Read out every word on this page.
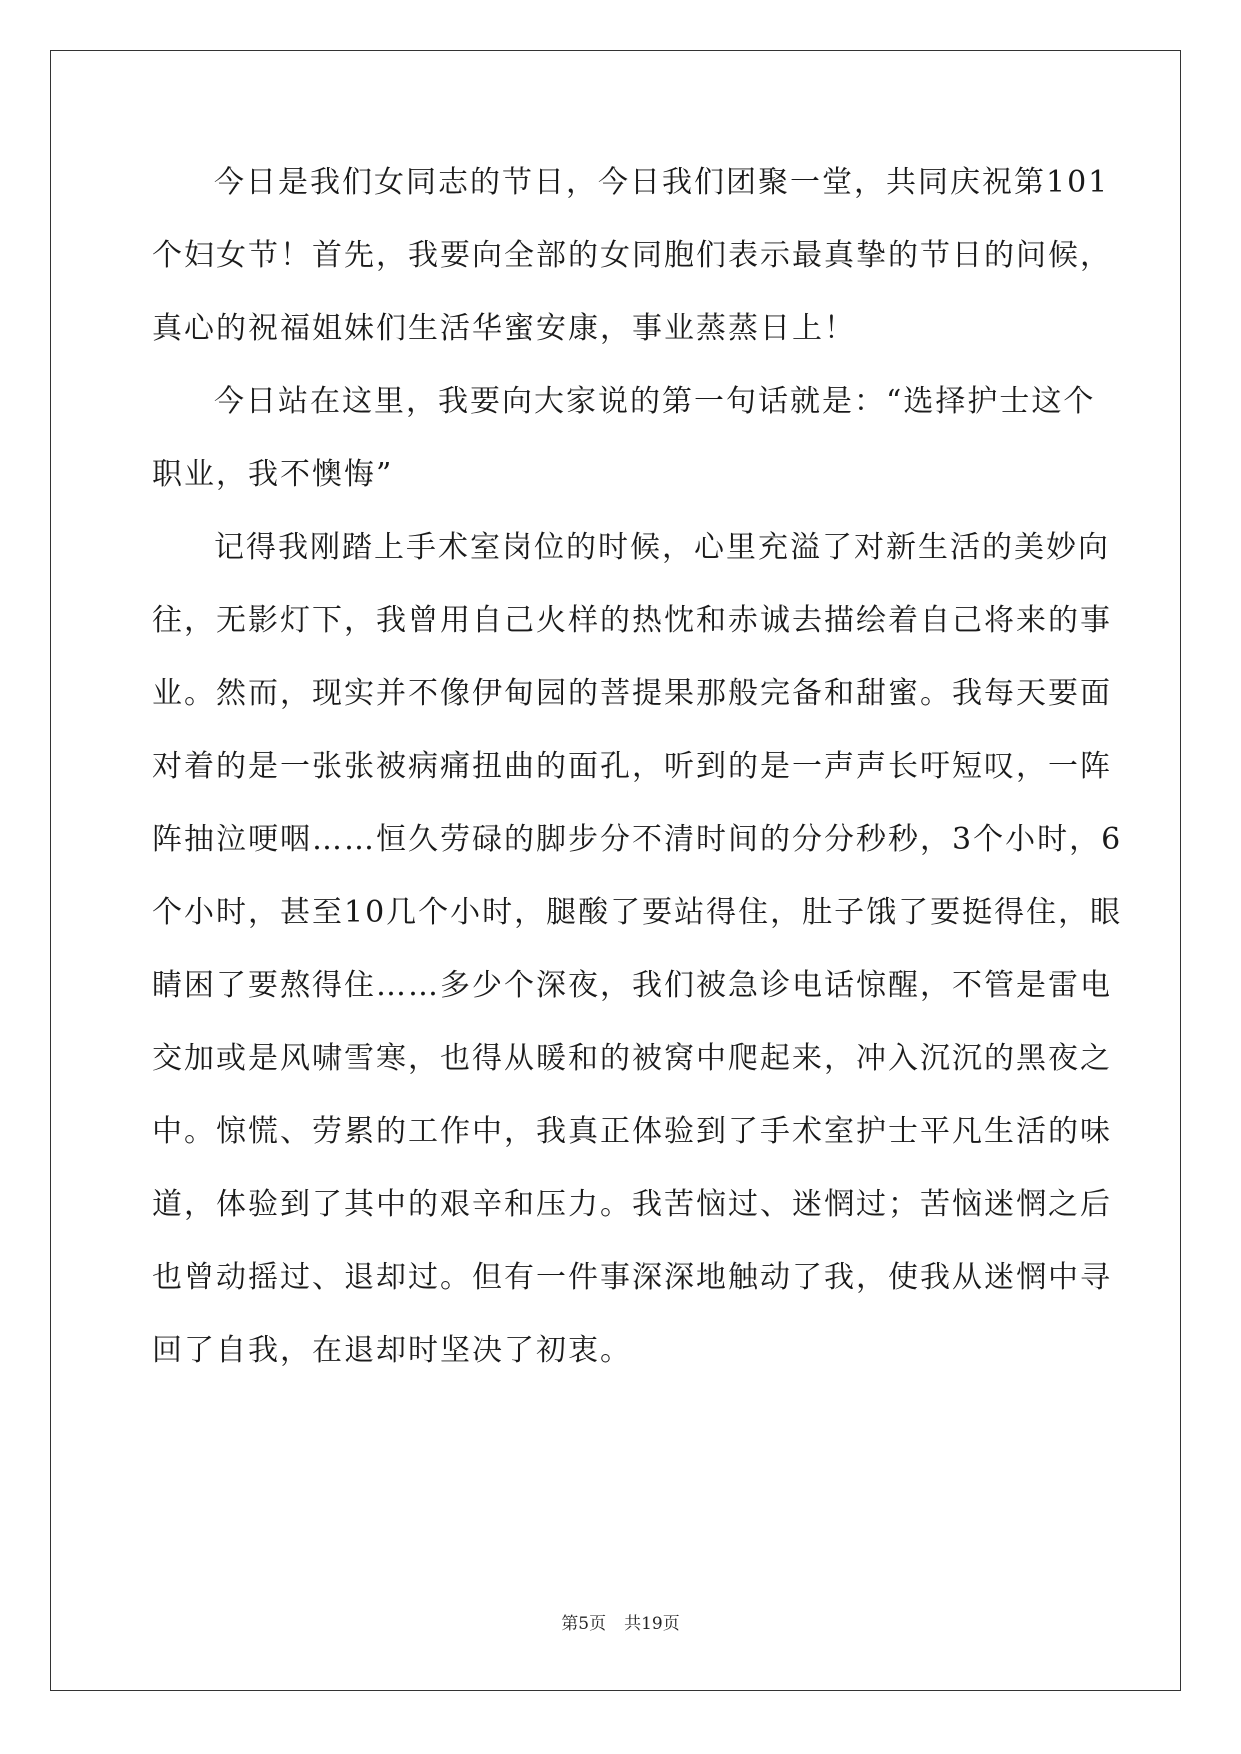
今日是我们女同志的节日，今日我们团聚一堂，共同庆祝第101
个妇女节！首先，我要向全部的女同胞们表示最真挚的节日的问候，
真心的祝福姐妹们生活华蜜安康，事业蒸蒸日上！
今日站在这里，我要向大家说的第一句话就是：“选择护士这个
职业，我不懊悔”
记得我刚踏上手术室岗位的时候，心里充溢了对新生活的美妙向
往，无影灯下，我曾用自己火样的热忱和赤诚去描绘着自己将来的事
业。然而，现实并不像伊甸园的菩提果那般完备和甜蜜。我每天要面
对着的是一张张被病痛扭曲的面孔，听到的是一声声长吁短叹，一阵
阵抽泣哽咽……恒久劳碌的脚步分不清时间的分分秒秒，3个小时，6
个小时，甚至10几个小时，腿酸了要站得住，肚子饿了要挺得住，眼
睛困了要熬得住……多少个深夜，我们被急诊电话惊醒，不管是雷电
交加或是风啸雪寒，也得从暖和的被窝中爬起来，冲入沉沉的黑夜之
中。惊慌、劳累的工作中，我真正体验到了手术室护士平凡生活的味
道，体验到了其中的艰辛和压力。我苦恼过、迷惘过；苦恼迷惘之后
也曾动摇过、退却过。但有一件事深深地触动了我，使我从迷惘中寻
回了自我，在退却时坚决了初衷。
第5页 共19页
